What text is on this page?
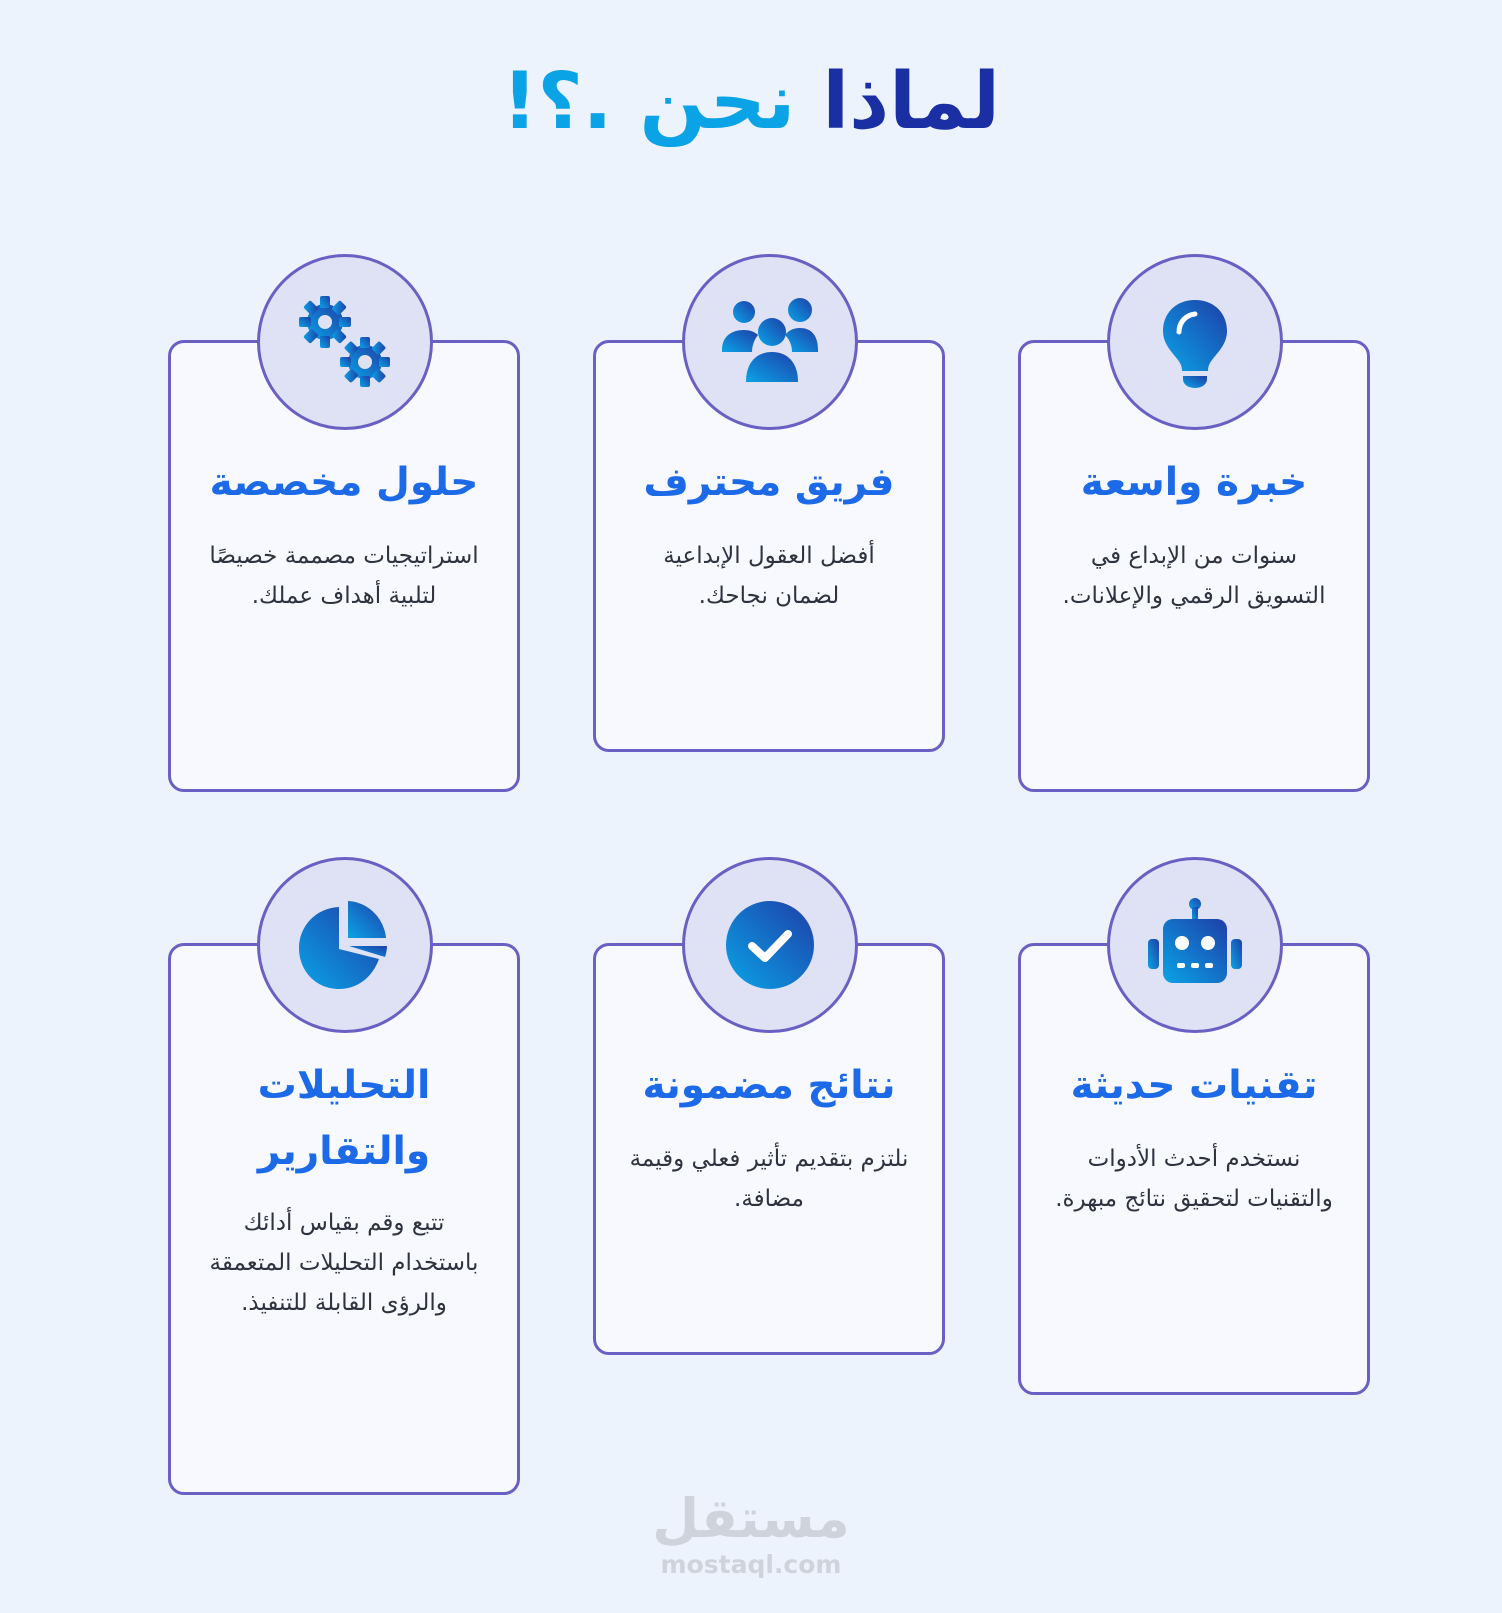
لماذا نحن .؟!
خبرة واسعة

سنوات من الإبداع في التسويق الرقمي والإعلانات.

فريق محترف

أفضل العقول الإبداعية لضمان نجاحك.

حلول مخصصة

استراتيجيات مصممة خصيصًا لتلبية أهداف عملك.

تقنيات حديثة

نستخدم أحدث الأدوات والتقنيات لتحقيق نتائج مبهرة.

نتائج مضمونة

نلتزم بتقديم تأثير فعلي وقيمة مضافة.

التحليلات والتقارير

تتبع وقم بقياس أدائك باستخدام التحليلات المتعمقة والرؤى القابلة للتنفيذ.

مستقل
mostaql.com
